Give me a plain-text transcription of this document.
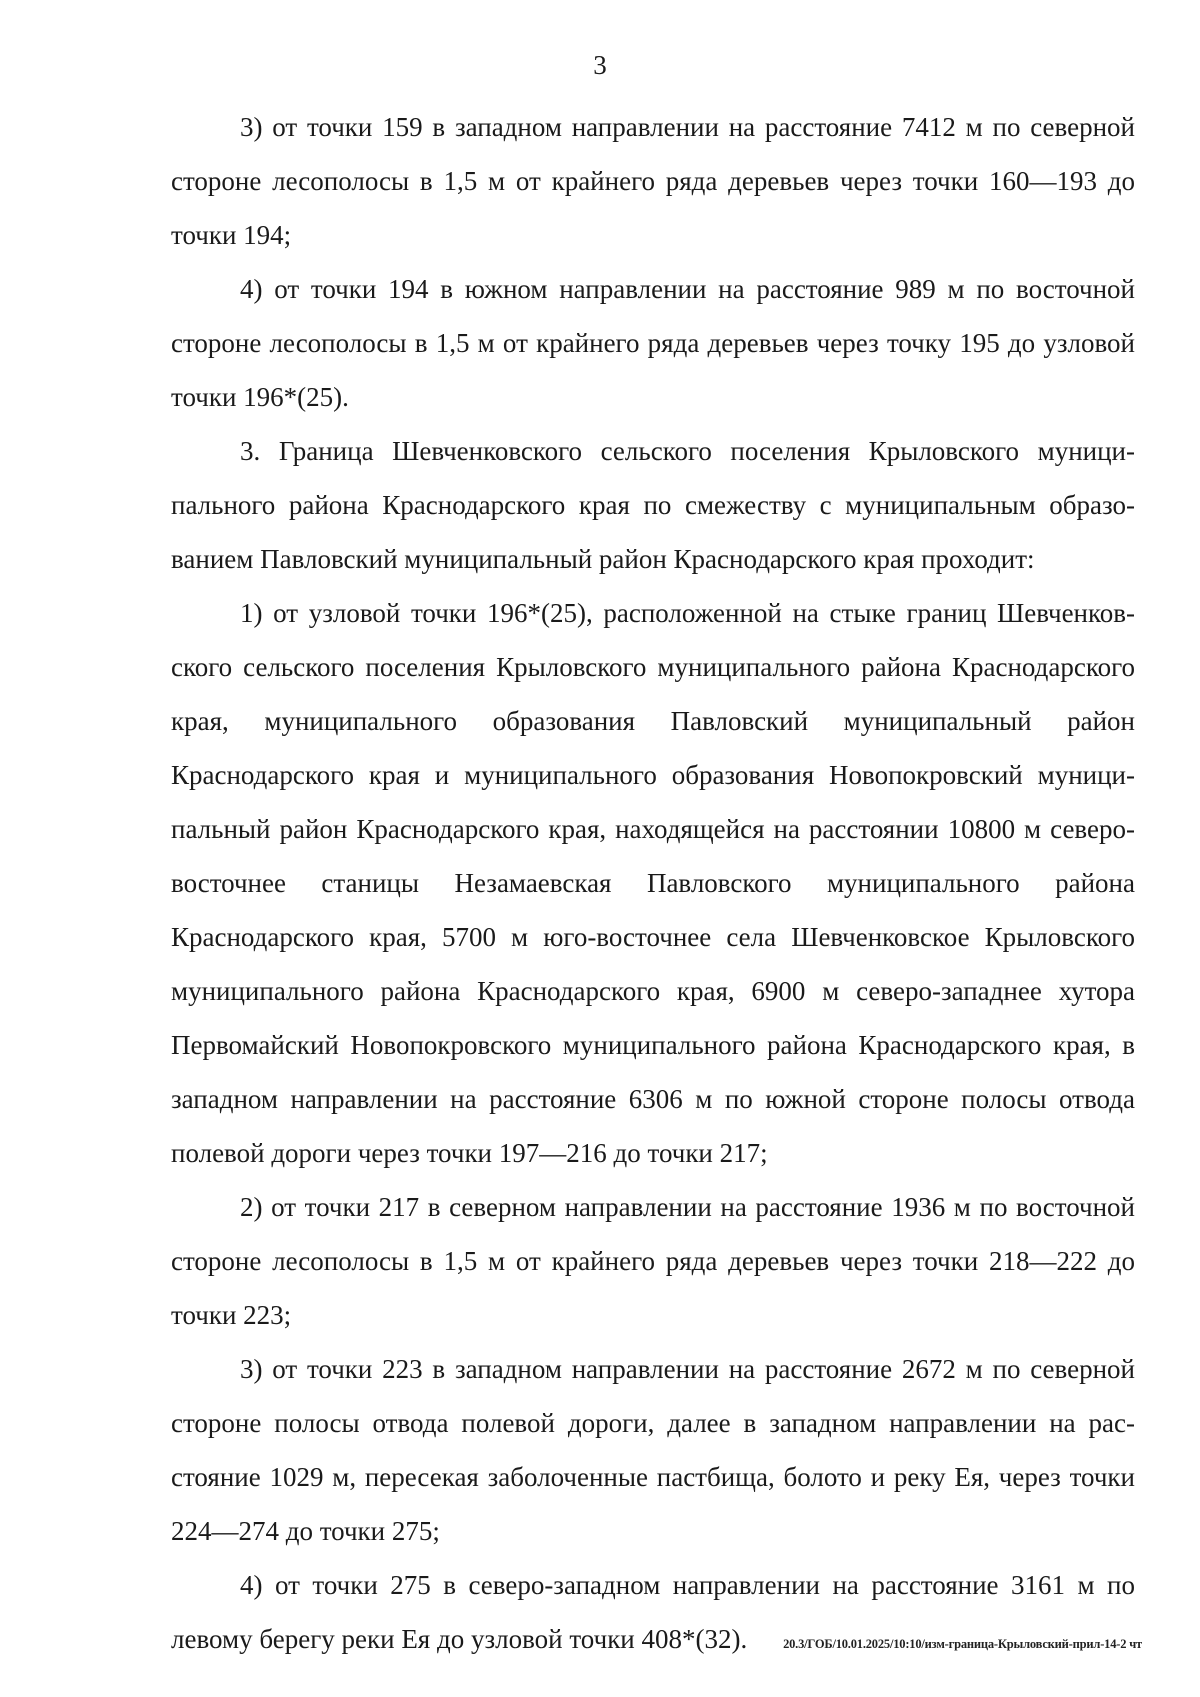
3

3) от точки 159 в западном направлении на расстояние 7412 м по северной стороне лесополосы в 1,5 м от крайнего ряда деревьев через точки 160—193 до точки 194;

4) от точки 194 в южном направлении на расстояние 989 м по восточной стороне лесополосы в 1,5 м от крайнего ряда деревьев через точку 195 до узловой точки 196*(25).

3. Граница Шевченковского сельского поселения Крыловского муниципального района Краснодарского края по смежеству с муниципальным образованием Павловский муниципальный район Краснодарского края проходит:

1) от узловой точки 196*(25), расположенной на стыке границ Шевченковского сельского поселения Крыловского муниципального района Краснодарского края, муниципального образования Павловский муниципальный район Краснодарского края и муниципального образования Новопокровский муниципальный район Краснодарского края, находящейся на расстоянии 10800 м северо-восточнее станицы Незамаевская Павловского муниципального района Краснодарского края, 5700 м юго-восточнее села Шевченковское Крыловского муниципального района Краснодарского края, 6900 м северо-западнее хутора Первомайский Новопокровского муниципального района Краснодарского края, в западном направлении на расстояние 6306 м по южной стороне полосы отвода полевой дороги через точки 197—216 до точки 217;

2) от точки 217 в северном направлении на расстояние 1936 м по восточной стороне лесополосы в 1,5 м от крайнего ряда деревьев через точки 218—222 до точки 223;

3) от точки 223 в западном направлении на расстояние 2672 м по северной стороне полосы отвода полевой дороги, далее в западном направлении на расстояние 1029 м, пересекая заболоченные пастбища, болото и реку Ея, через точки 224—274 до точки 275;

4) от точки 275 в северо-западном направлении на расстояние 3161 м по левому берегу реки Ея до узловой точки 408*(32).	20.3/ГОБ/10.01.2025/10:10/изм-граница-Крыловский-прил-14-2 чт
